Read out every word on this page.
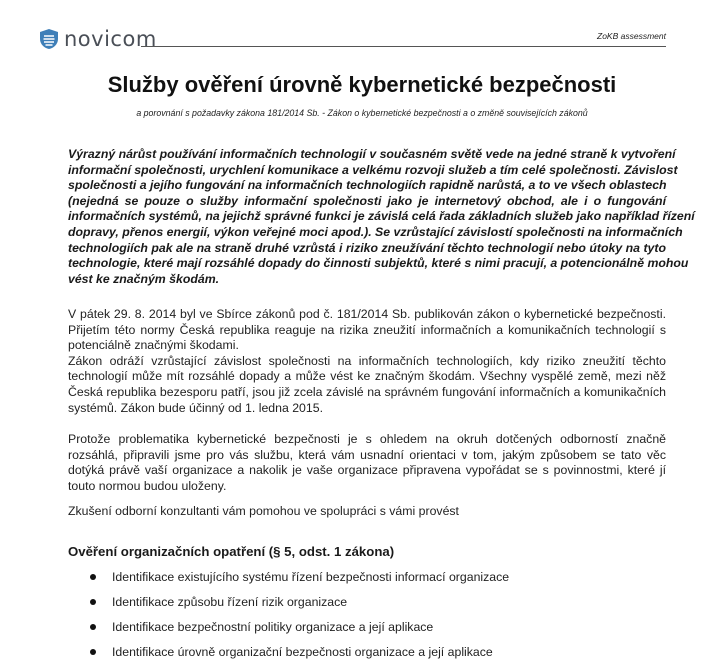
novicom	ZoKB assessment
Služby ověření úrovně kybernetické bezpečnosti
a porovnání s požadavky zákona 181/2014 Sb. - Zákon o kybernetické bezpečnosti a o změně souvisejících zákonů
Výrazný nárůst používání informačních technologií v současném světě vede na jedné straně k vytvoření
informační společnosti, urychlení komunikace a velkému rozvoji služeb a tím celé společnosti. Závislost
společnosti a jejího fungování na informačních technologiích rapidně narůstá, a to ve všech oblastech
(nejedná se pouze o služby informační společnosti jako je internetový obchod, ale i o fungování
informačních systémů, na jejichž správné funkci je závislá celá řada základních služeb jako například řízení
dopravy, přenos energií, výkon veřejné moci apod.). Se vzrůstající závislostí společnosti na informačních
technologiích pak ale na straně druhé vzrůstá i riziko zneužívání těchto technologií nebo útoky na tyto
technologie, které mají rozsáhlé dopady do činnosti subjektů, které s nimi pracují, a potencionálně mohou
vést ke značným škodám.
V pátek 29. 8. 2014 byl ve Sbírce zákonů pod č. 181/2014 Sb. publikován zákon o kybernetické bezpečnosti.
Přijetím této normy Česká republika reaguje na rizika zneužití informačních a komunikačních technologií s
potenciálně značnými škodami.
Zákon odráží vzrůstající závislost společnosti na informačních technologiích, kdy riziko zneužití těchto
technologií může mít rozsáhlé dopady a může vést ke značným škodám. Všechny vyspělé země, mezi něž
Česká republika bezesporu patří, jsou již zcela závislé na správném fungování informačních a komunikačních
systémů. Zákon bude účinný od 1. ledna 2015.
Protože problematika kybernetické bezpečnosti je s ohledem na okruh dotčených odborností značně
rozsáhlá, připravili jsme pro vás službu, která vám usnadní orientaci v tom, jakým způsobem se tato věc
dotýká právě vaší organizace a nakolik je vaše organizace připravena vypořádat se s povinnostmi, které jí
touto normou budou uloženy.
Zkušení odborní konzultanti vám pomohou ve spolupráci s vámi provést
Ověření organizačních opatření (§ 5, odst. 1 zákona)
Identifikace existujícího systému řízení bezpečnosti informací organizace
Identifikace způsobu řízení rizik organizace
Identifikace bezpečnostní politiky organizace a její aplikace
Identifikace úrovně organizační bezpečnosti organizace a její aplikace
